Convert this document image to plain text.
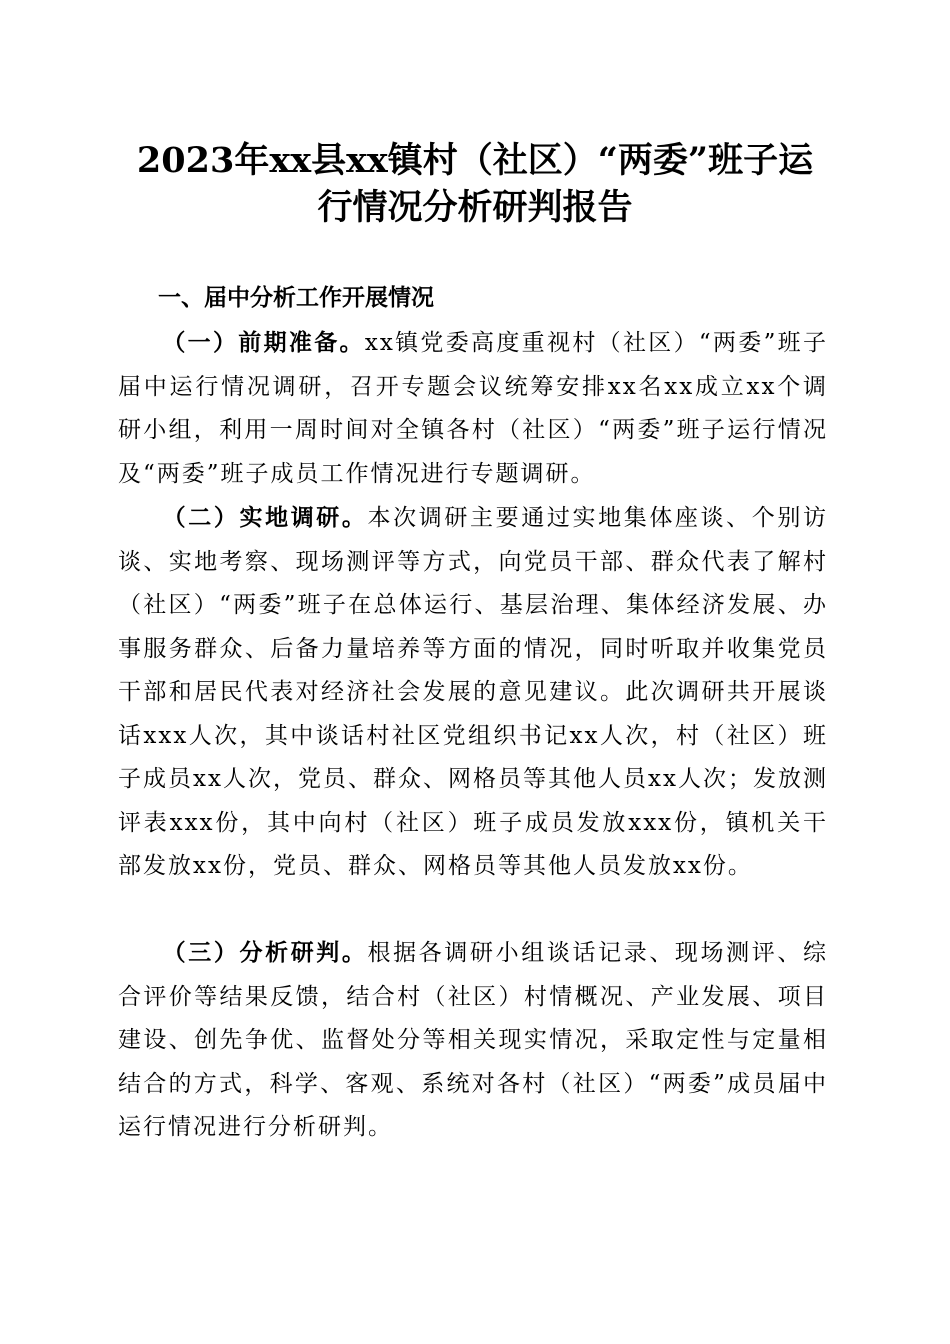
2023年xx县xx镇村（社区）“两委”班子运
行情况分析研判报告
一、届中分析工作开展情况
（一）前期准备。xx镇党委高度重视村（社区）“两委”班子届中运行情况调研，召开专题会议统筹安排xx名xx成立xx个调研小组，利用一周时间对全镇各村（社区）“两委”班子运行情况及“两委”班子成员工作情况进行专题调研。
（二）实地调研。本次调研主要通过实地集体座谈、个别访谈、实地考察、现场测评等方式，向党员干部、群众代表了解村（社区）“两委”班子在总体运行、基层治理、集体经济发展、办事服务群众、后备力量培养等方面的情况，同时听取并收集党员干部和居民代表对经济社会发展的意见建议。此次调研共开展谈话xxx人次，其中谈话村社区党组织书记xx人次，村（社区）班子成员xx人次，党员、群众、网格员等其他人员xx人次；发放测评表xxx份，其中向村（社区）班子成员发放xxx份，镇机关干部发放xx份，党员、群众、网格员等其他人员发放xx份。
（三）分析研判。根据各调研小组谈话记录、现场测评、综合评价等结果反馈，结合村（社区）村情概况、产业发展、项目建设、创先争优、监督处分等相关现实情况，采取定性与定量相结合的方式，科学、客观、系统对各村（社区）“两委”成员届中运行情况进行分析研判。
